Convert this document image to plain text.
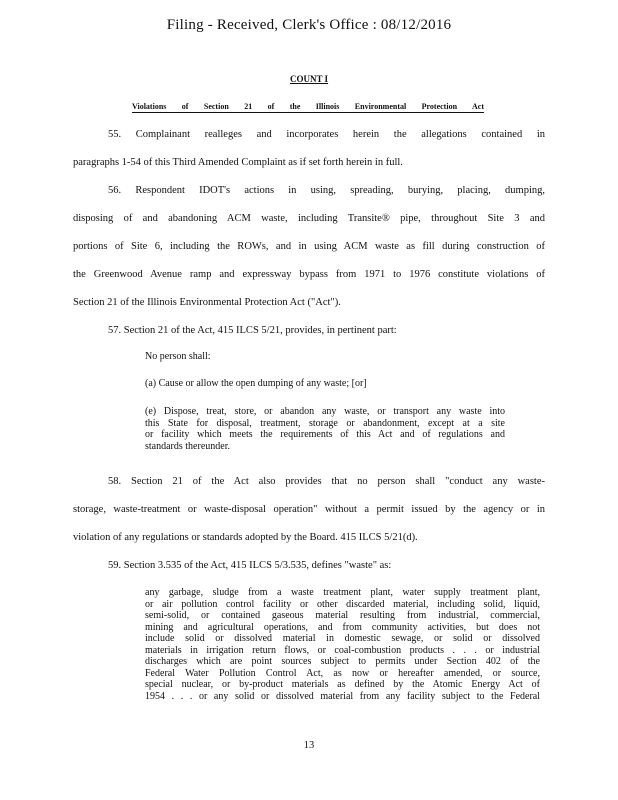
Filing - Received, Clerk's Office : 08/12/2016
COUNT I
Violations of Section 21 of the Illinois Environmental Protection Act
55. Complainant realleges and incorporates herein the allegations contained in
paragraphs 1-54 of this Third Amended Complaint as if set forth herein in full.
56. Respondent IDOT's actions in using, spreading, burying, placing, dumping,
disposing of and abandoning ACM waste, including Transite® pipe, throughout Site 3 and
portions of Site 6, including the ROWs, and in using ACM waste as fill during construction of
the Greenwood Avenue ramp and expressway bypass from 1971 to 1976 constitute violations of
Section 21 of the Illinois Environmental Protection Act ("Act").
57. Section 21 of the Act, 415 ILCS 5/21, provides, in pertinent part:
No person shall:
(a) Cause or allow the open dumping of any waste; [or]
(e) Dispose, treat, store, or abandon any waste, or transport any waste into
this State for disposal, treatment, storage or abandonment, except at a site
or facility which meets the requirements of this Act and of regulations and
standards thereunder.
58. Section 21 of the Act also provides that no person shall "conduct any waste-
storage, waste-treatment or waste-disposal operation" without a permit issued by the agency or in
violation of any regulations or standards adopted by the Board. 415 ILCS 5/21(d).
59. Section 3.535 of the Act, 415 ILCS 5/3.535, defines "waste" as:
any garbage, sludge from a waste treatment plant, water supply treatment plant,
or air pollution control facility or other discarded material, including solid, liquid,
semi-solid, or contained gaseous material resulting from industrial, commercial,
mining and agricultural operations, and from community activities, but does not
include solid or dissolved material in domestic sewage, or solid or dissolved
materials in irrigation return flows, or coal-combustion products . . . or industrial
discharges which are point sources subject to permits under Section 402 of the
Federal Water Pollution Control Act, as now or hereafter amended, or source,
special nuclear, or by-product materials as defined by the Atomic Energy Act of
1954 . . . or any solid or dissolved material from any facility subject to the Federal
13
